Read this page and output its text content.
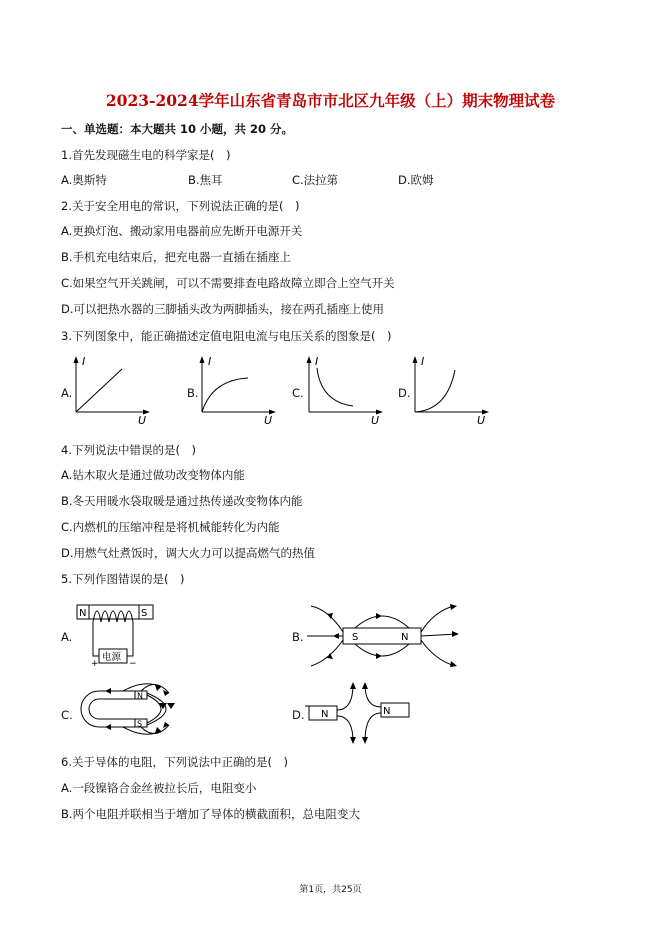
2023-2024学年山东省青岛市市北区九年级（上）期末物理试卷
一、单选题：本大题共 10 小题，共 20 分。
1.首先发现磁生电的科学家是(　)
A.奥斯特	B.焦耳	C.法拉第	D.欧姆
2.关于安全用电的常识，下列说法正确的是(　)
A.更换灯泡、搬动家用电器前应先断开电源开关
B.手机充电结束后，把充电器一直插在插座上
C.如果空气开关跳闸，可以不需要排查电路故障立即合上空气开关
D.可以把热水器的三脚插头改为两脚插头，接在两孔插座上使用
3.下列图象中，能正确描述定值电阻电流与电压关系的图象是(　)
A.
I
U
B.
I
U
C.
I
U
D.
I
U
4.下列说法中错误的是(　)
A.钻木取火是通过做功改变物体内能
B.冬天用暖水袋取暖是通过热传递改变物体内能
C.内燃机的压缩冲程是将机械能转化为内能
D.用燃气灶煮饭时，调大火力可以提高燃气的热值
5.下列作图错误的是(　)
A.
N	S
电源
+	−
B.	S	N
C.
N
S
D. N	N
6.关于导体的电阻，下列说法中正确的是(　)
A.一段镍铬合金丝被拉长后，电阻变小
B.两个电阻并联相当于增加了导体的横截面积，总电阻变大
第1页，共25页
